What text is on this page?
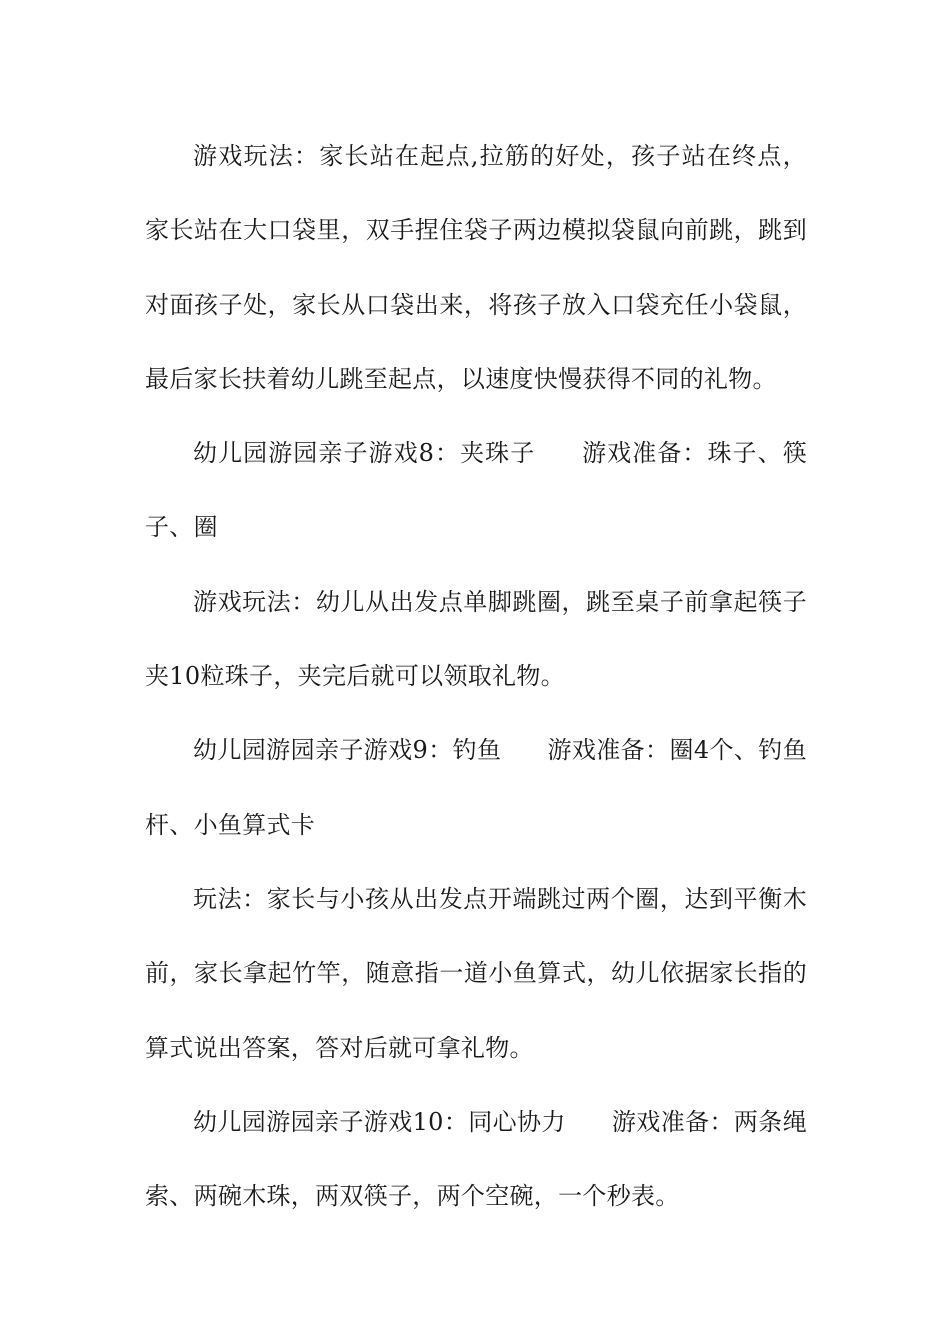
游戏玩法：家长站在起点,拉筋的好处，孩子站在终点，家长站在大口袋里，双手捏住袋子两边模拟袋鼠向前跳，跳到对面孩子处，家长从口袋出来，将孩子放入口袋充任小袋鼠，最后家长扶着幼儿跳至起点，以速度快慢获得不同的礼物。

幼儿园游园亲子游戏8：夹珠子 游戏准备：珠子、筷子、圈

游戏玩法：幼儿从出发点单脚跳圈，跳至桌子前拿起筷子夹10粒珠子，夹完后就可以领取礼物。

幼儿园游园亲子游戏9：钓鱼 游戏准备：圈4个、钓鱼杆、小鱼算式卡

玩法：家长与小孩从出发点开端跳过两个圈，达到平衡木前，家长拿起竹竿，随意指一道小鱼算式，幼儿依据家长指的算式说出答案，答对后就可拿礼物。

幼儿园游园亲子游戏10：同心协力 游戏准备：两条绳索、两碗木珠，两双筷子，两个空碗，一个秒表。
